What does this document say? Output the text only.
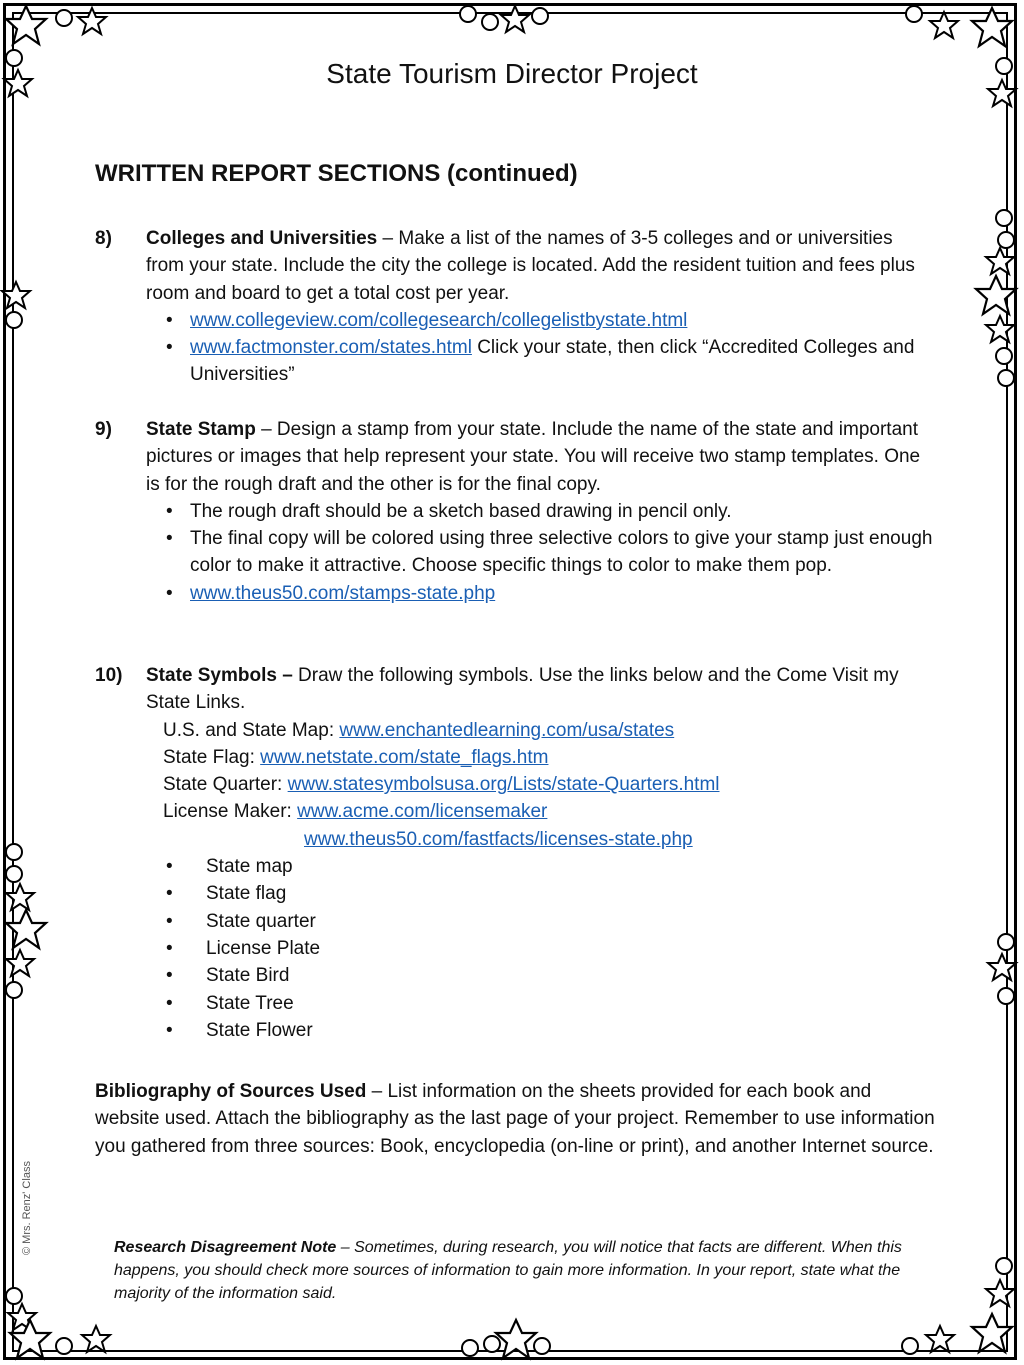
State Tourism Director Project
WRITTEN REPORT SECTIONS (continued)
8) Colleges and Universities – Make a list of the names of 3-5 colleges and or universities from your state. Include the city the college is located. Add the resident tuition and fees plus room and board to get a total cost per year.
• www.collegeview.com/collegesearch/collegelistbystate.html
• www.factmonster.com/states.html Click your state, then click “Accredited Colleges and Universities”
9) State Stamp – Design a stamp from your state. Include the name of the state and important pictures or images that help represent your state. You will receive two stamp templates. One is for the rough draft and the other is for the final copy.
• The rough draft should be a sketch based drawing in pencil only.
• The final copy will be colored using three selective colors to give your stamp just enough color to make it attractive. Choose specific things to color to make them pop.
• www.theus50.com/stamps-state.php
10) State Symbols – Draw the following symbols. Use the links below and the Come Visit my State Links.
U.S. and State Map: www.enchantedlearning.com/usa/states
State Flag: www.netstate.com/state_flags.htm
State Quarter: www.statesymbolsusa.org/Lists/state-Quarters.html
License Maker: www.acme.com/licensemaker
www.theus50.com/fastfacts/licenses-state.php
• State map
• State flag
• State quarter
• License Plate
• State Bird
• State Tree
• State Flower
Bibliography of Sources Used – List information on the sheets provided for each book and website used. Attach the bibliography as the last page of your project. Remember to use information you gathered from three sources: Book, encyclopedia (on-line or print), and another Internet source.
Research Disagreement Note – Sometimes, during research, you will notice that facts are different. When this happens, you should check more sources of information to gain more information. In your report, state what the majority of the information said.
© Mrs. Renz' Class
